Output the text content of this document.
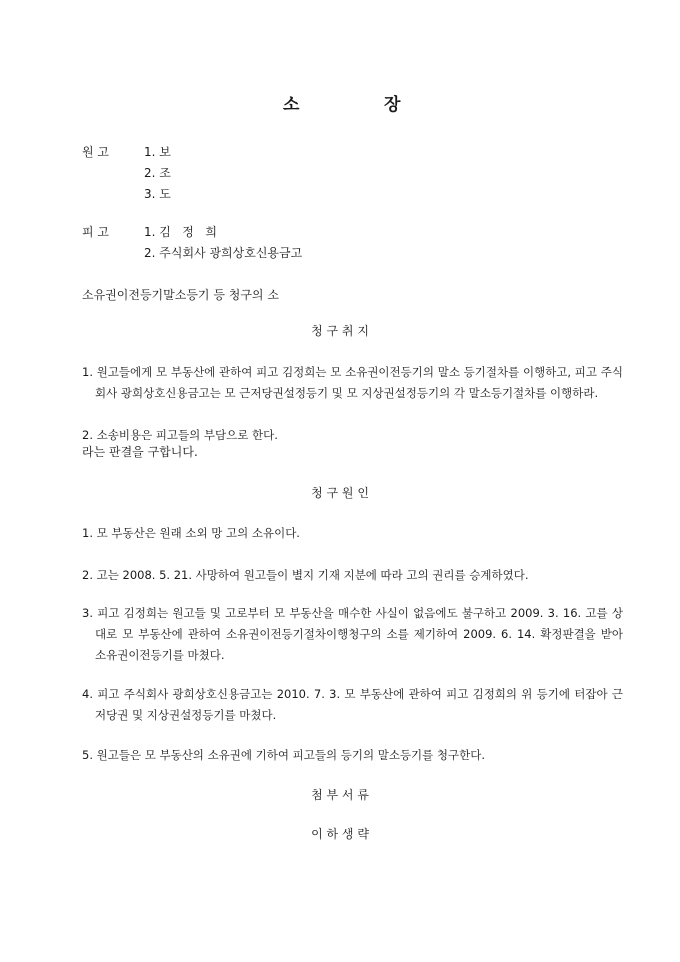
소	장
원 고	1. 보
2. 조
3. 도
피 고	1. 김   정   희
2. 주식회사 광희상호신용금고
소유권이전등기말소등기 등 청구의 소
청 구 취 지
1. 원고들에게 모 부동산에 관하여 피고 김정희는 모 소유권이전등기의 말소 등기절차를 이행하고, 피고 주식회사 광희상호신용금고는 모 근저당권설정등기 및 모 지상권설정등기의 각 말소등기절차를 이행하라.
2. 소송비용은 피고들의 부담으로 한다.
라는 판결을 구합니다.
청 구 원 인
1. 모 부동산은 원래 소외 망 고의 소유이다.
2. 고는 2008. 5. 21. 사망하여 원고들이 별지 기재 지분에 따라 고의 권리를 승계하였다.
3. 피고 김정희는 원고들 및 고로부터 모 부동산을 매수한 사실이 없음에도 불구하고 2009. 3. 16. 고를 상대로 모 부동산에 관하여 소유권이전등기절차이행청구의 소를 제기하여 2009. 6. 14. 확정판결을 받아 소유권이전등기를 마쳤다.
4. 피고 주식회사 광희상호신용금고는 2010. 7. 3. 모 부동산에 관하여 피고 김정희의 위 등기에 터잡아 근저당권 및 지상권설정등기를 마쳤다.
5. 원고들은 모 부동산의 소유권에 기하여 피고들의 등기의 말소등기를 청구한다.
첨 부 서 류
이 하 생 략
